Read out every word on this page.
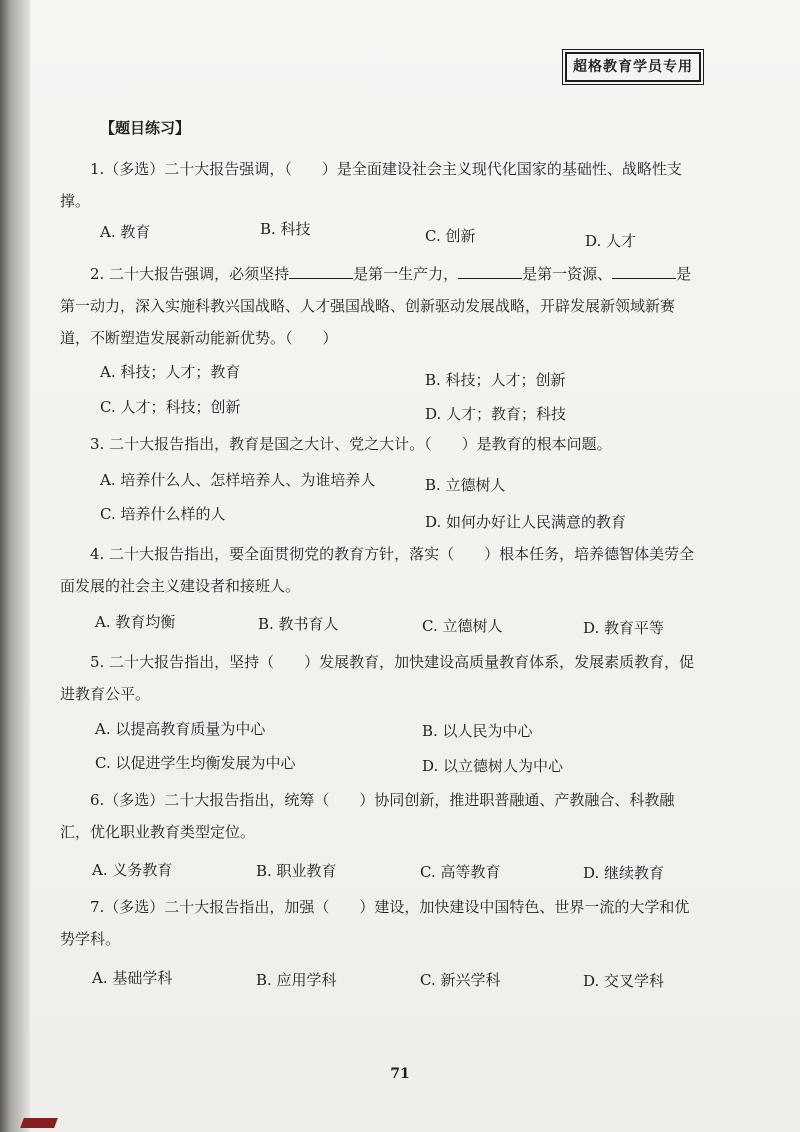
超格教育学员专用
【题目练习】
1.（多选）二十大报告强调，（　　）是全面建设社会主义现代化国家的基础性、战略性支撑。
A. 教育	B. 科技	C. 创新	D. 人才
2. 二十大报告强调，必须坚持	是第一生产力，	是第一资源、	是第一动力，深入实施科教兴国战略、人才强国战略、创新驱动发展战略，开辟发展新领域新赛道，不断塑造发展新动能新优势。（　　）
A. 科技；人才；教育	B. 科技；人才；创新
C. 人才；科技；创新	D. 人才；教育；科技
3. 二十大报告指出，教育是国之大计、党之大计。（　　）是教育的根本问题。
A. 培养什么人、怎样培养人、为谁培养人	B. 立德树人
C. 培养什么样的人	D. 如何办好让人民满意的教育
4. 二十大报告指出，要全面贯彻党的教育方针，落实（　　）根本任务，培养德智体美劳全面发展的社会主义建设者和接班人。
A. 教育均衡	B. 教书育人	C. 立德树人	D. 教育平等
5. 二十大报告指出，坚持（　　）发展教育，加快建设高质量教育体系，发展素质教育，促进教育公平。
A. 以提高教育质量为中心	B. 以人民为中心
C. 以促进学生均衡发展为中心	D. 以立德树人为中心
6.（多选）二十大报告指出，统筹（　　）协同创新，推进职普融通、产教融合、科教融汇，优化职业教育类型定位。
A. 义务教育	B. 职业教育	C. 高等教育	D. 继续教育
7.（多选）二十大报告指出，加强（　　）建设，加快建设中国特色、世界一流的大学和优势学科。
A. 基础学科	B. 应用学科	C. 新兴学科	D. 交叉学科
71
